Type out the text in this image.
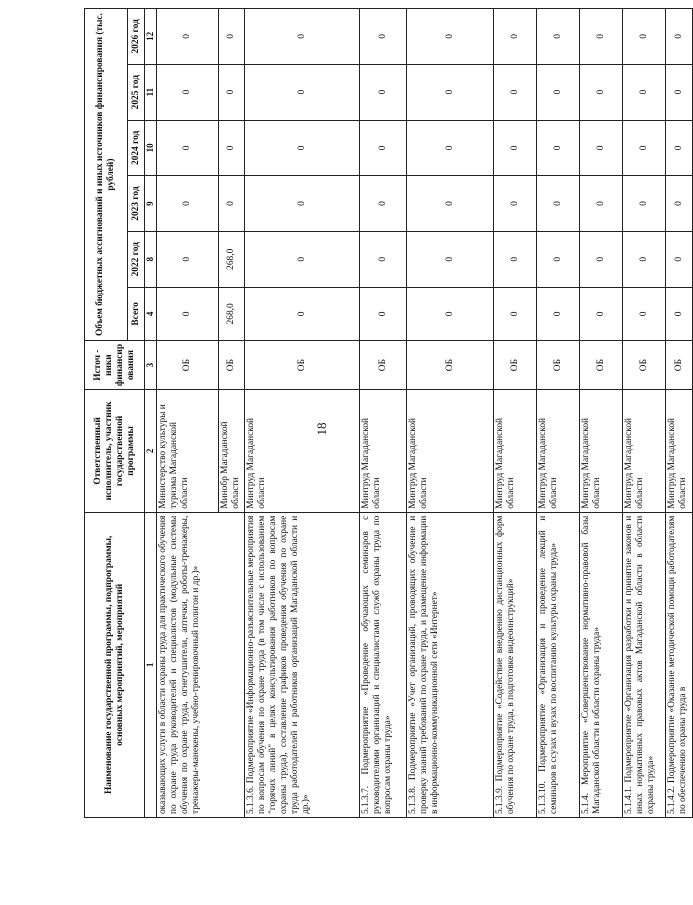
18
Наименование государственной программы, подпрограммы, основных мероприятий, мероприятий	Ответственный исполнитель, участник государственной программы	Источ - ники финансир ования	Объем бюджетных ассигнований и иных источников финансирования (тыс. рублей)					
			Всего	2022 год	2023 год	2024 год	2025 год	2026 год
1	2	3	4	8	9	10	11	12
оказывающих услуги в области охраны труда для практического обучения по охране труда руководителей и специалистов (модульные системы обучения по охране труда, огнетушители, аптечки, роботы-тренажеры, тренажеры-манекены, учебно-тренировочный полигон и др.)»	Министерство культуры и туризма Магаданской области	ОБ	0	0	0	0	0	0
	Минобр Магаданской области	ОБ	268,0	268,0	0	0	0	0
5.1.3.6. Подмероприятие «Информационно-разъяснительные мероприятия по вопросам обучения по охране труда (в том числе с использованием "горячих линий" в целях консультирования работников по вопросам охраны труда), составление графиков проведения обучения по охране труда работодателей и работников организаций Магаданской области и др.)»	Минтруд Магаданской области	ОБ	0	0	0	0	0	0
5.1.3.7. Подмероприятие «Проведение обучающих семинаров с руководителями организаций и специалистами служб охраны труда по вопросам охраны труда»	Минтруд Магаданской области	ОБ	0	0	0	0	0	0
5.1.3.8. Подмероприятие «Учет организаций, проводящих обучение и проверку знаний требований по охране труда, и размещение информации в информационно-коммуникационной сети «Интернет»	Минтруд Магаданской области	ОБ	0	0	0	0	0	0
5.1.3.9. Подмероприятие «Содействие внедрению дистанционных форм обучения по охране труда, в подготовке видеоинструкций»	Минтруд Магаданской области	ОБ	0	0	0	0	0	0
5.1.3.10. Подмероприятие «Организация и проведение лекций и семинаров в ссузах и вузах по воспитанию культуры охраны труда»	Минтруд Магаданской области	ОБ	0	0	0	0	0	0
5.1.4. Мероприятие «Совершенствование нормативно-правовой базы Магаданской области в области охраны труда»	Минтруд Магаданской области	ОБ	0	0	0	0	0	0
5.1.4.1. Подмероприятие «Организация разработки и принятие законов и иных нормативных правовых актов Магаданской области в области охраны труда»	Минтруд Магаданской области	ОБ	0	0	0	0	0	0
5.1.4.2. Подмероприятие «Оказание методической помощи работодателям по обеспечению охраны труда в	Минтруд Магаданской области	ОБ	0	0	0	0	0	0
